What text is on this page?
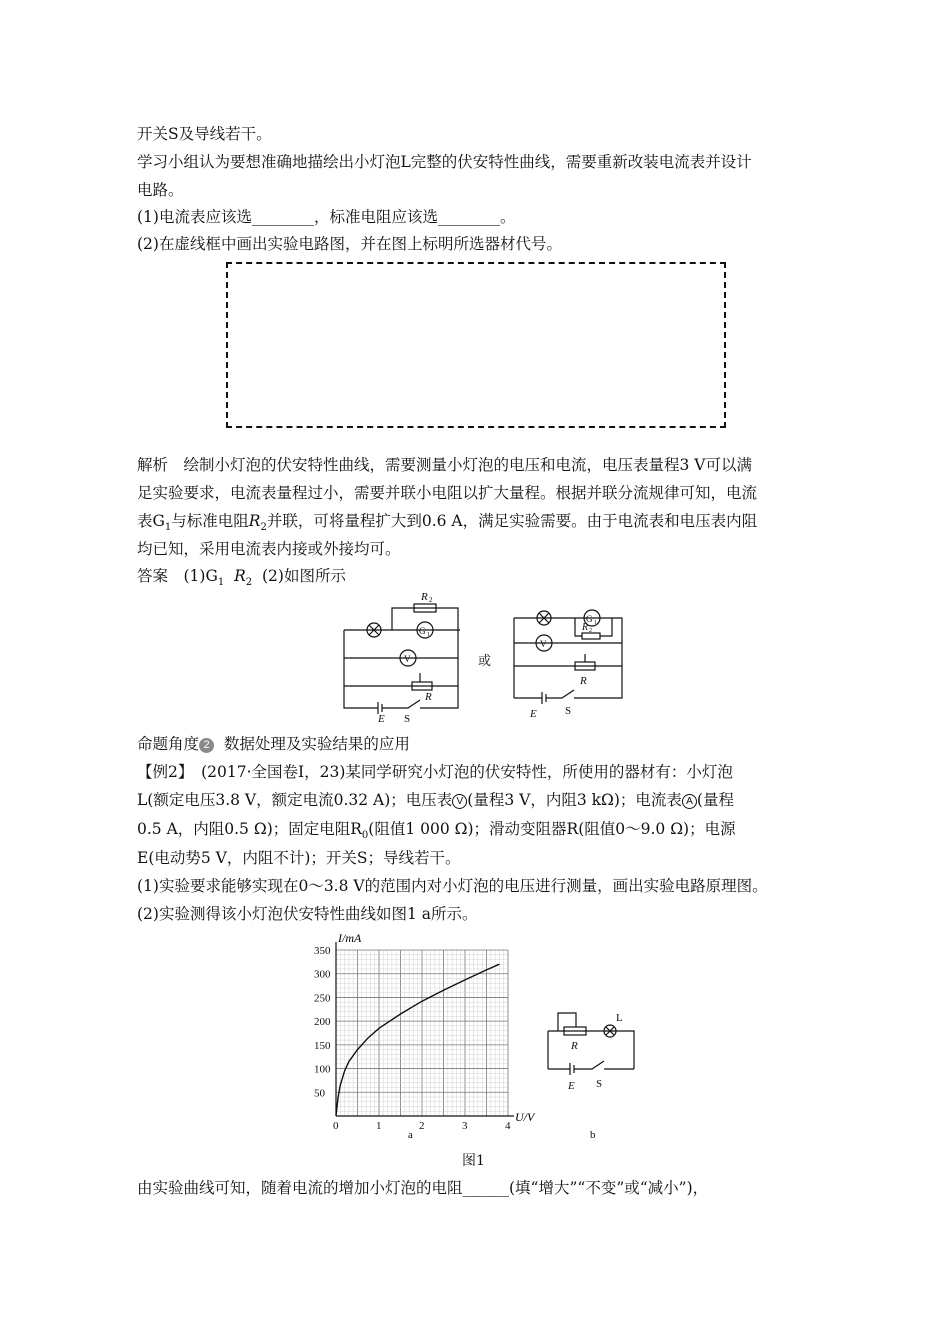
开关S及导线若干。
学习小组认为要想准确地描绘出小灯泡L完整的伏安特性曲线，需要重新改装电流表并设计
电路。
(1)电流表应该选________，标准电阻应该选________。
(2)在虚线框中画出实验电路图，并在图上标明所选器材代号。
解析　绘制小灯泡的伏安特性曲线，需要测量小灯泡的电压和电流，电压表量程3 V可以满
足实验要求，电流表量程过小，需要并联小电阻以扩大量程。根据并联分流规律可知，电流
表$G_1$与标准电阻$R_2$并联，可将量程扩大到0.6 A，满足实验需要。由于电流表和电压表内阻
均已知，采用电流表内接或外接均可。
答案　$(1)G_1$ $R_2$ (2)如图所示
R 2
G 1
V
R
E S
或
G 1
V
R 2
R
E	S
命题角度 2 数据处理及实验结果的应用
【例2】　(2017·全国卷Ⅰ，23)某同学研究小灯泡的伏安特性，所使用的器材有：小灯泡
L(额定电压3.8 V，额定电流0.32 A)；电压表 V (量程3 V，内阻3 kΩ)；电流表 A (量程
0.5 A，内阻0.5 Ω)；固定电阻$R_0$(阻值1 000 Ω)；滑动变阻器R(阻值0～9.0 Ω)；电源
E(电动势5 V，内阻不计)；开关S；导线若干。
(1)实验要求能够实现在0～3.8 V的范围内对小灯泡的电压进行测量，画出实验电路原理图。
(2)实验测得该小灯泡伏安特性曲线如图1 a所示。
0	1	2	3	4
50
100
150
200
250
300
350
I/mA
U/V
a
R
L
E S
b
图1
由实验曲线可知，随着电流的增加小灯泡的电阻______(填“增大”“不变”或“减小”)，
